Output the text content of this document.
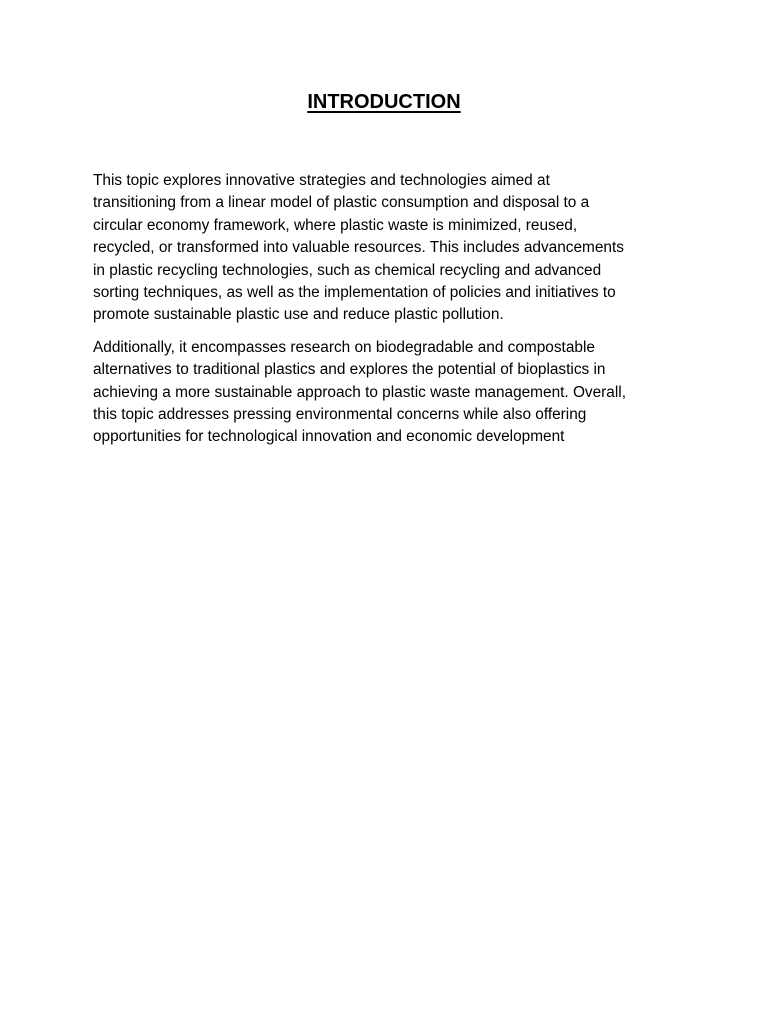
INTRODUCTION

This topic explores innovative strategies and technologies aimed at
transitioning from a linear model of plastic consumption and disposal to a
circular economy framework, where plastic waste is minimized, reused,
recycled, or transformed into valuable resources. This includes advancements
in plastic recycling technologies, such as chemical recycling and advanced
sorting techniques, as well as the implementation of policies and initiatives to
promote sustainable plastic use and reduce plastic pollution.

Additionally, it encompasses research on biodegradable and compostable
alternatives to traditional plastics and explores the potential of bioplastics in
achieving a more sustainable approach to plastic waste management. Overall,
this topic addresses pressing environmental concerns while also offering
opportunities for technological innovation and economic development
